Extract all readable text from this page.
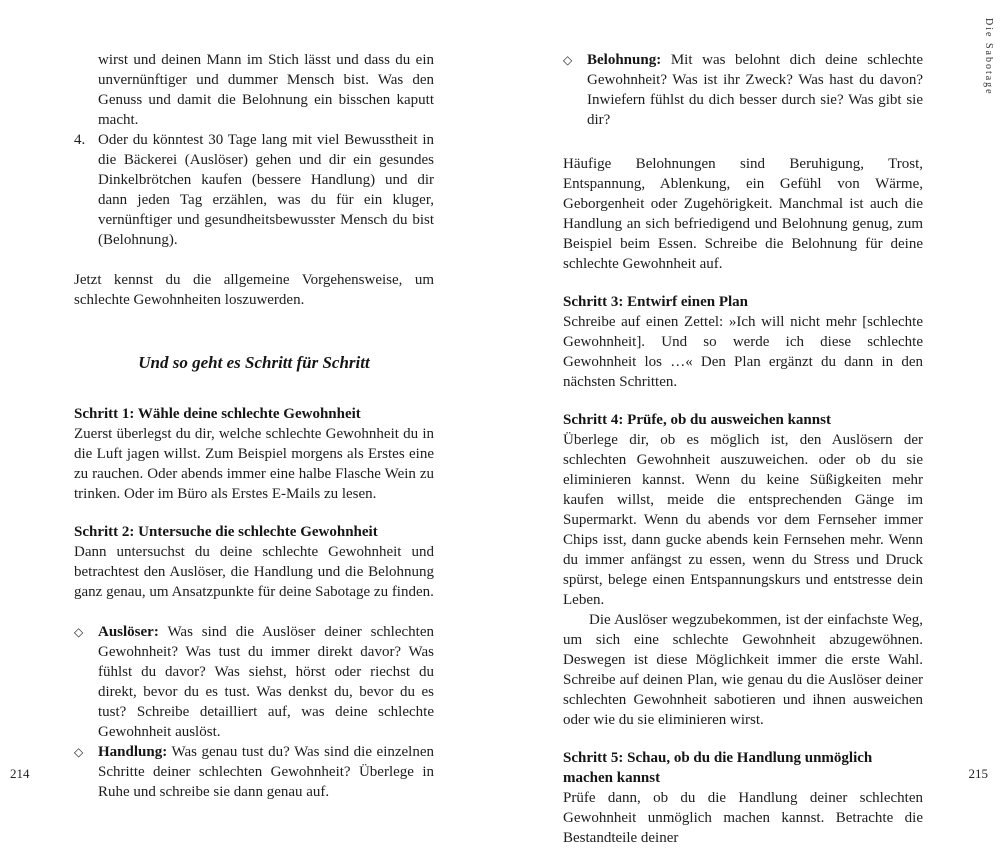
Die Sabotage
wirst und deinen Mann im Stich lässt und dass du ein unvernünftiger und dummer Mensch bist. Was den Genuss und damit die Belohnung ein bisschen kaputt macht.
4. Oder du könntest 30 Tage lang mit viel Bewusstheit in die Bäckerei (Auslöser) gehen und dir ein gesundes Dinkelbrötchen kaufen (bessere Handlung) und dir dann jeden Tag erzählen, was du für ein kluger, vernünftiger und gesundheitsbewusster Mensch du bist (Belohnung).

Jetzt kennst du die allgemeine Vorgehensweise, um schlechte Gewohnheiten loszuwerden.

Und so geht es Schritt für Schritt
Schritt 1: Wähle deine schlechte Gewohnheit

Zuerst überlegst du dir, welche schlechte Gewohnheit du in die Luft jagen willst. Zum Beispiel morgens als Erstes eine zu rauchen. Oder abends immer eine halbe Flasche Wein zu trinken. Oder im Büro als Erstes E-Mails zu lesen.

Schritt 2: Untersuche die schlechte Gewohnheit

Dann untersuchst du deine schlechte Gewohnheit und betrachtest den Auslöser, die Handlung und die Belohnung ganz genau, um Ansatzpunkte für deine Sabotage zu finden.

◇ Auslöser: Was sind die Auslöser deiner schlechten Gewohnheit? Was tust du immer direkt davor? Was fühlst du davor? Was siehst, hörst oder riechst du direkt, bevor du es tust. Was denkst du, bevor du es tust? Schreibe detailliert auf, was deine schlechte Gewohnheit auslöst.
◇ Handlung: Was genau tust du? Was sind die einzelnen Schritte deiner schlechten Gewohnheit? Überlege in Ruhe und schreibe sie dann genau auf.
◇ Belohnung: Mit was belohnt dich deine schlechte Gewohnheit? Was ist ihr Zweck? Was hast du davon? Inwiefern fühlst du dich besser durch sie? Was gibt sie dir?

Häufige Belohnungen sind Beruhigung, Trost, Entspannung, Ablenkung, ein Gefühl von Wärme, Geborgenheit oder Zugehörigkeit. Manchmal ist auch die Handlung an sich befriedigend und Belohnung genug, zum Beispiel beim Essen. Schreibe die Belohnung für deine schlechte Gewohnheit auf.

Schritt 3: Entwirf einen Plan

Schreibe auf einen Zettel: »Ich will nicht mehr [schlechte Gewohnheit]. Und so werde ich diese schlechte Gewohnheit los …« Den Plan ergänzt du dann in den nächsten Schritten.

Schritt 4: Prüfe, ob du ausweichen kannst

Überlege dir, ob es möglich ist, den Auslösern der schlechten Gewohnheit auszuweichen. oder ob du sie eliminieren kannst. Wenn du keine Süßigkeiten mehr kaufen willst, meide die entsprechenden Gänge im Supermarkt. Wenn du abends vor dem Fernseher immer Chips isst, dann gucke abends kein Fernsehen mehr. Wenn du immer anfängst zu essen, wenn du Stress und Druck spürst, belege einen Entspannungskurs und entstresse dein Leben.

Die Auslöser wegzubekommen, ist der einfachste Weg, um sich eine schlechte Gewohnheit abzugewöhnen. Deswegen ist diese Möglichkeit immer die erste Wahl. Schreibe auf deinen Plan, wie genau du die Auslöser deiner schlechten Gewohnheit sabotieren und ihnen ausweichen oder wie du sie eliminieren wirst.

Schritt 5: Schau, ob du die Handlung unmöglich machen kannst

Prüfe dann, ob du die Handlung deiner schlechten Gewohnheit unmöglich machen kannst. Betrachte die Bestandteile deiner

214	215
